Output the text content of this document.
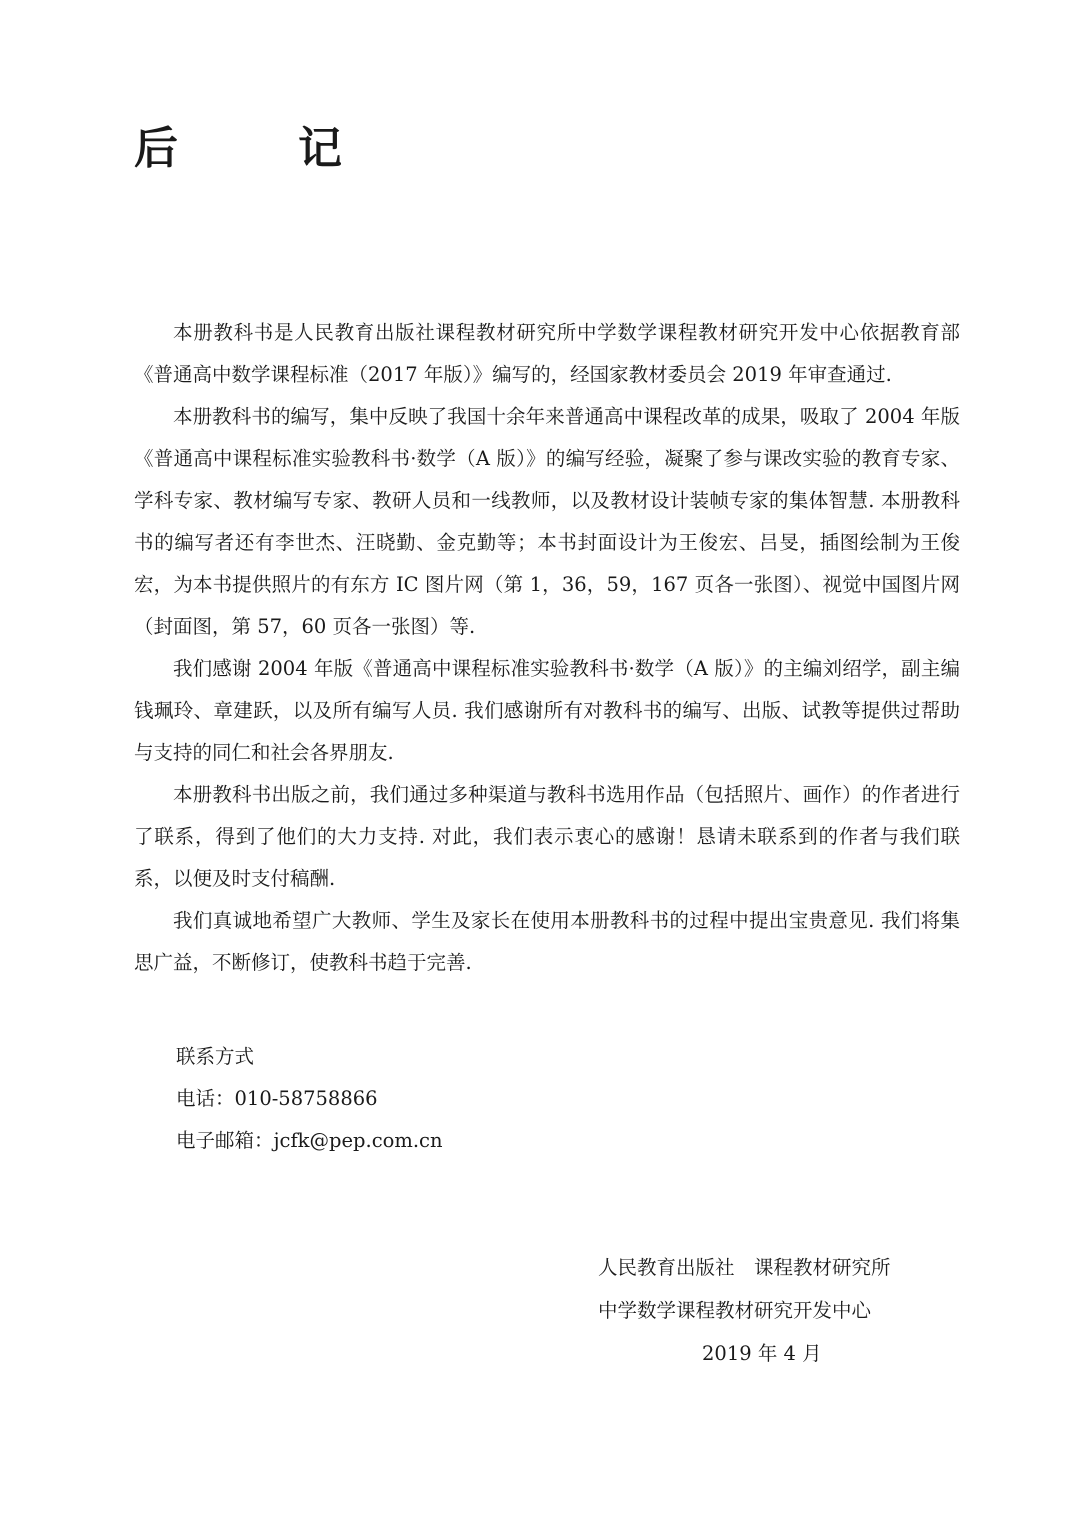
后　记

本册教科书是人民教育出版社课程教材研究所中学数学课程教材研究开发中心依据教育部《普通高中数学课程标准（2017 年版）》编写的，经国家教材委员会 2019 年审查通过.

本册教科书的编写，集中反映了我国十余年来普通高中课程改革的成果，吸取了 2004 年版《普通高中课程标准实验教科书·数学（A 版）》的编写经验，凝聚了参与课改实验的教育专家、学科专家、教材编写专家、教研人员和一线教师，以及教材设计装帧专家的集体智慧. 本册教科书的编写者还有李世杰、汪晓勤、金克勤等；本书封面设计为王俊宏、吕旻，插图绘制为王俊宏，为本书提供照片的有东方 IC 图片网（第 1，36，59，167 页各一张图）、视觉中国图片网（封面图，第 57，60 页各一张图）等.

我们感谢 2004 年版《普通高中课程标准实验教科书·数学（A 版）》的主编刘绍学，副主编钱珮玲、章建跃，以及所有编写人员. 我们感谢所有对教科书的编写、出版、试教等提供过帮助与支持的同仁和社会各界朋友.

本册教科书出版之前，我们通过多种渠道与教科书选用作品（包括照片、画作）的作者进行了联系，得到了他们的大力支持. 对此，我们表示衷心的感谢！恳请未联系到的作者与我们联系，以便及时支付稿酬.

我们真诚地希望广大教师、学生及家长在使用本册教科书的过程中提出宝贵意见. 我们将集思广益，不断修订，使教科书趋于完善.

联系方式
电话：010-58758866
电子邮箱：jcfk@pep.com.cn
人民教育出版社　课程教材研究所
中学数学课程教材研究开发中心
2019 年 4 月
